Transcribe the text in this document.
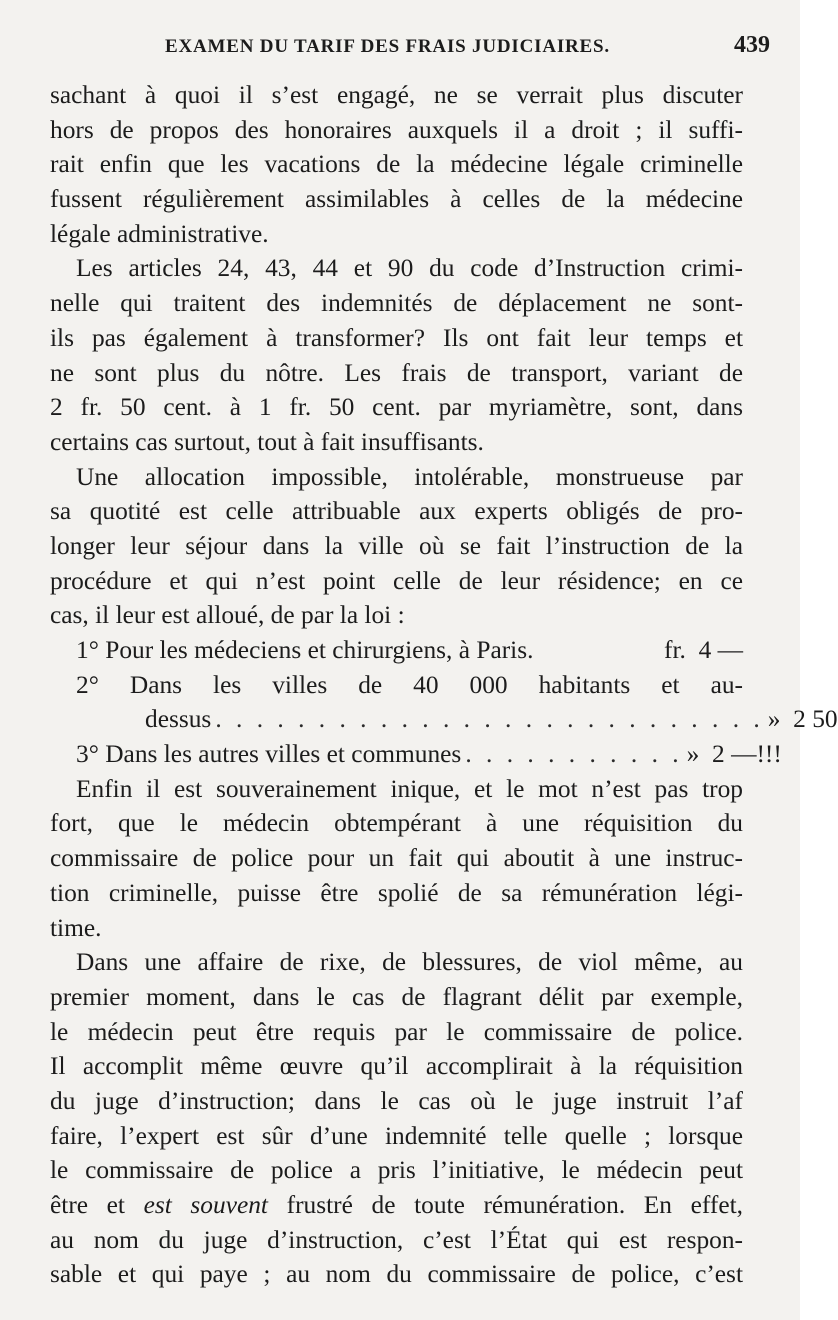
EXAMEN DU TARIF DES FRAIS JUDICIAIRES.	439
sachant à quoi il s’est engagé, ne se verrait plus discuter
hors de propos des honoraires auxquels il a droit ; il suffi-
rait enfin que les vacations de la médecine légale criminelle
fussent régulièrement assimilables à celles de la médecine
légale administrative.
Les articles 24, 43, 44 et 90 du code d’Instruction crimi-
nelle qui traitent des indemnités de déplacement ne sont-
ils pas également à transformer? Ils ont fait leur temps et
ne sont plus du nôtre. Les frais de transport, variant de
2 fr. 50 cent. à 1 fr. 50 cent. par myriamètre, sont, dans
certains cas surtout, tout à fait insuffisants.
Une allocation impossible, intolérable, monstrueuse par
sa quotité est celle attribuable aux experts obligés de pro-
longer leur séjour dans la ville où se fait l’instruction de la
procédure et qui n’est point celle de leur résidence; en ce
cas, il leur est alloué, de par la loi :
1° Pour les médeciens et chirurgiens, à Paris.	fr. 4 —
2° Dans les villes de 40 000 habitants et au-
dessus . . . . . . . . . . . . . . . . . . . . . . . . . . . » 2 50
3° Dans les autres villes et communes . . . . . . . . . . . » 2 —!!!
Enfin il est souverainement inique, et le mot n’est pas trop
fort, que le médecin obtempérant à une réquisition du
commissaire de police pour un fait qui aboutit à une instruc-
tion criminelle, puisse être spolié de sa rémunération légi-
time.
Dans une affaire de rixe, de blessures, de viol même, au
premier moment, dans le cas de flagrant délit par exemple,
le médecin peut être requis par le commissaire de police.
Il accomplit même œuvre qu’il accomplirait à la réquisition
du juge d’instruction; dans le cas où le juge instruit l’af
faire, l’expert est sûr d’une indemnité telle quelle ; lorsque
le commissaire de police a pris l’initiative, le médecin peut
être et est souvent frustré de toute rémunération. En effet,
au nom du juge d’instruction, c’est l’État qui est respon-
sable et qui paye ; au nom du commissaire de police, c’est
